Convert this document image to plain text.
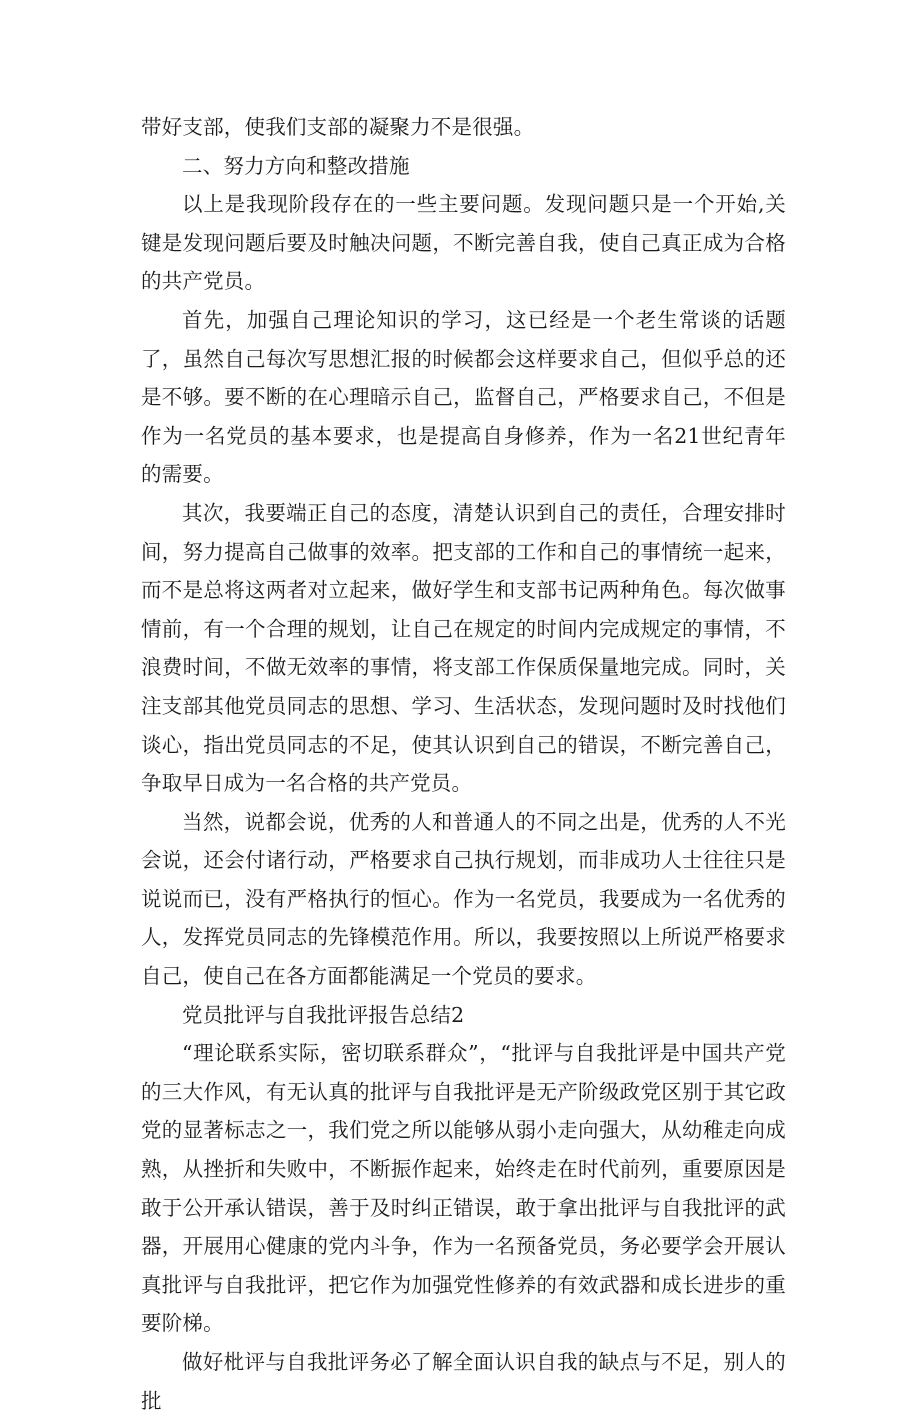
带好支部，使我们支部的凝聚力不是很强。

二、努力方向和整改措施

以上是我现阶段存在的一些主要问题。发现问题只是一个开始,关键是发现问题后要及时触决问题，不断完善自我，使自己真正成为合格的共产党员。

首先，加强自己理论知识的学习，这已经是一个老生常谈的话题了，虽然自己每次写思想汇报的时候都会这样要求自己，但似乎总的还是不够。要不断的在心理暗示自己，监督自己，严格要求自己，不但是作为一名党员的基本要求，也是提高自身修养，作为一名21世纪青年的需要。

其次，我要端正自己的态度，清楚认识到自己的责任，合理安排时间，努力提高自己做事的效率。把支部的工作和自己的事情统一起来，而不是总将这两者对立起来，做好学生和支部书记两种角色。每次做事情前，有一个合理的规划，让自己在规定的时间内完成规定的事情，不浪费时间，不做无效率的事情，将支部工作保质保量地完成。同时，关注支部其他党员同志的思想、学习、生活状态，发现问题时及时找他们谈心，指出党员同志的不足，使其认识到自己的错误，不断完善自己，争取早日成为一名合格的共产党员。

当然，说都会说，优秀的人和普通人的不同之出是，优秀的人不光会说，还会付诸行动，严格要求自己执行规划，而非成功人士往往只是说说而已，没有严格执行的恒心。作为一名党员，我要成为一名优秀的人，发挥党员同志的先锋模范作用。所以，我要按照以上所说严格要求自己，使自己在各方面都能满足一个党员的要求。

党员批评与自我批评报告总结2

“理论联系实际，密切联系群众”，“批评与自我批评是中国共产党的三大作风，有无认真的批评与自我批评是无产阶级政党区别于其它政党的显著标志之一，我们党之所以能够从弱小走向强大，从幼稚走向成熟，从挫折和失败中，不断振作起来，始终走在时代前列，重要原因是敢于公开承认错误，善于及时纠正错误，敢于拿出批评与自我批评的武器，开展用心健康的党内斗争，作为一名预备党员，务必要学会开展认真批评与自我批评，把它作为加强党性修养的有效武器和成长进步的重要阶梯。

做好枇评与自我批评务必了解全面认识自我的缺点与不足，别人的批
